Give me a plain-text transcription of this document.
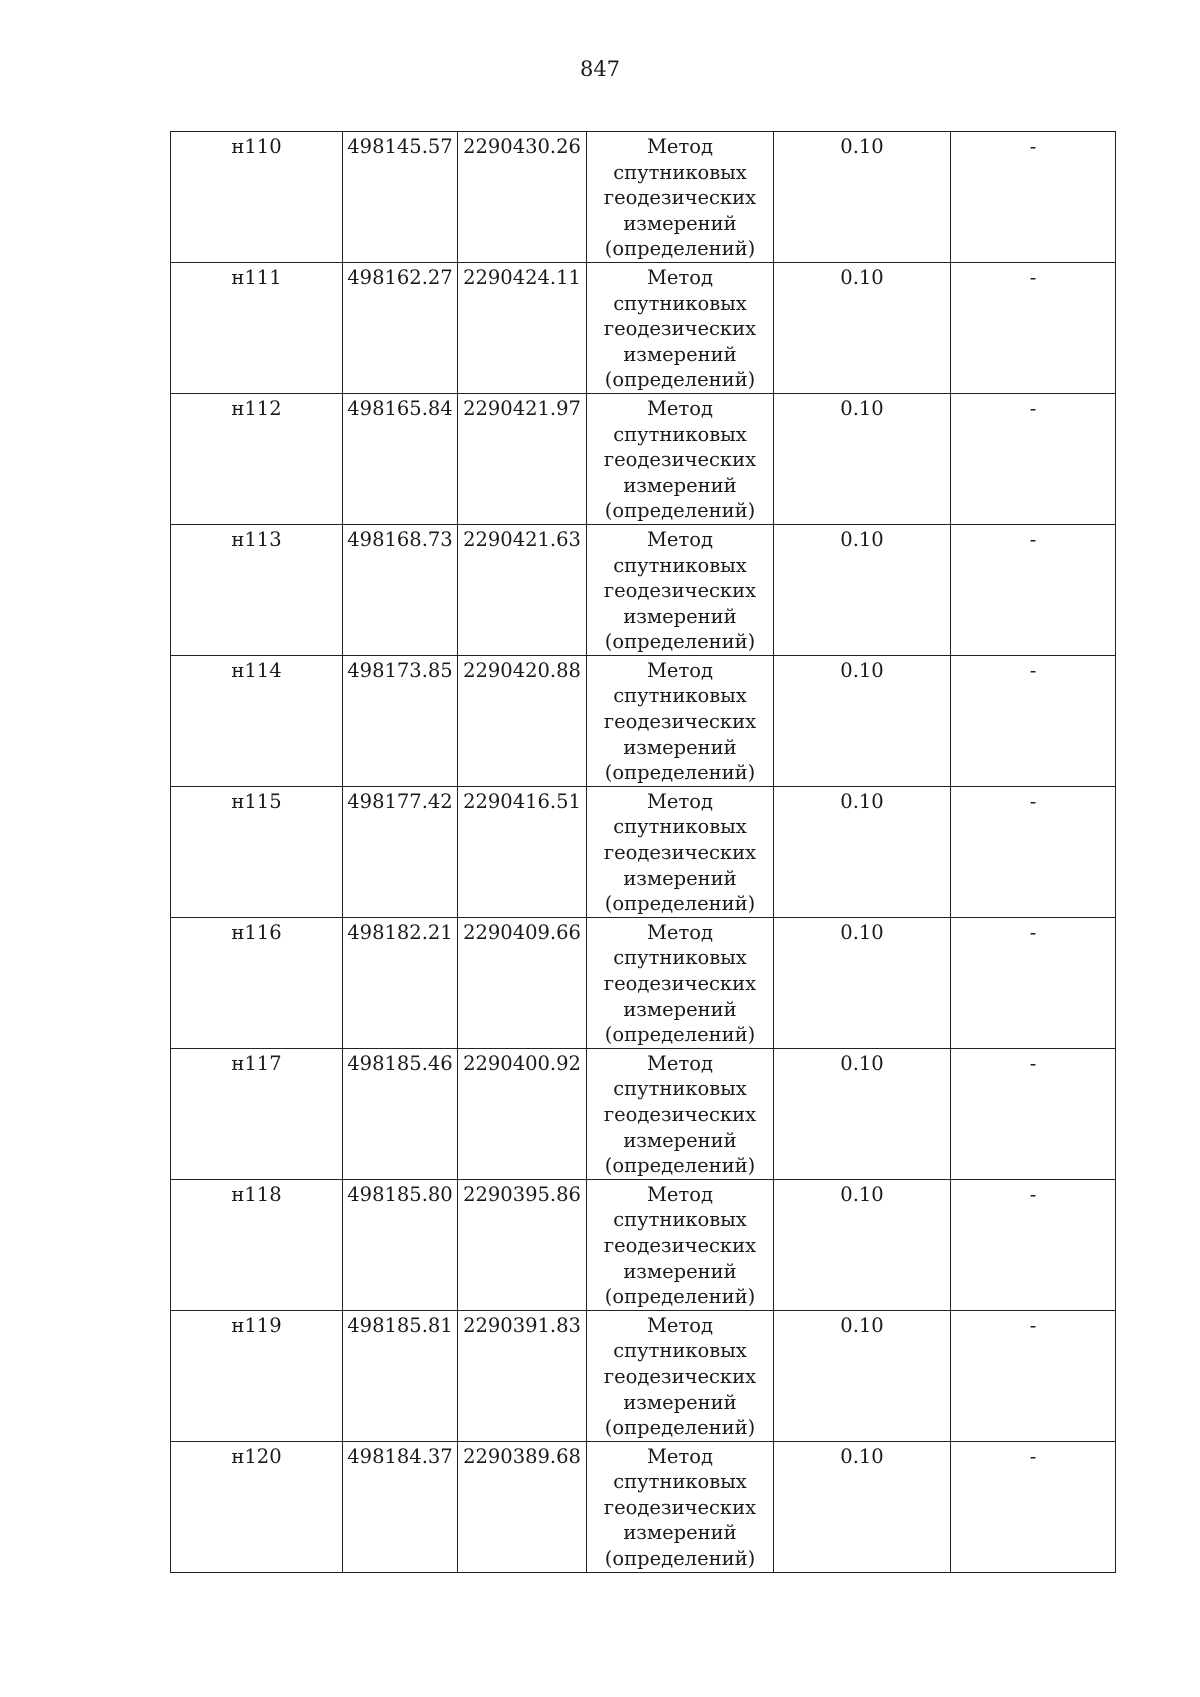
847
н110	498145.57	2290430.26	Метод
спутниковых
геодезических
измерений
(определений)	0.10	-
н111	498162.27	2290424.11	Метод
спутниковых
геодезических
измерений
(определений)	0.10	-
н112	498165.84	2290421.97	Метод
спутниковых
геодезических
измерений
(определений)	0.10	-
н113	498168.73	2290421.63	Метод
спутниковых
геодезических
измерений
(определений)	0.10	-
н114	498173.85	2290420.88	Метод
спутниковых
геодезических
измерений
(определений)	0.10	-
н115	498177.42	2290416.51	Метод
спутниковых
геодезических
измерений
(определений)	0.10	-
н116	498182.21	2290409.66	Метод
спутниковых
геодезических
измерений
(определений)	0.10	-
н117	498185.46	2290400.92	Метод
спутниковых
геодезических
измерений
(определений)	0.10	-
н118	498185.80	2290395.86	Метод
спутниковых
геодезических
измерений
(определений)	0.10	-
н119	498185.81	2290391.83	Метод
спутниковых
геодезических
измерений
(определений)	0.10	-
н120	498184.37	2290389.68	Метод
спутниковых
геодезических
измерений
(определений)	0.10	-
